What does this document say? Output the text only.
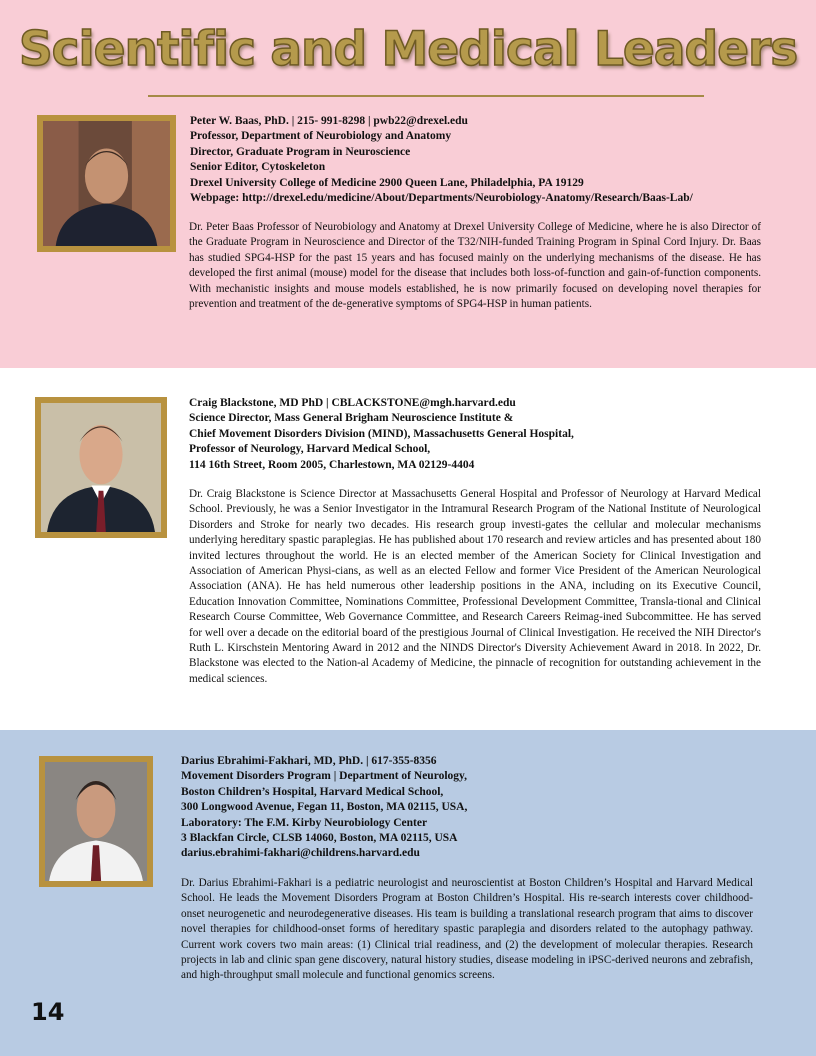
Scientific and Medical Leaders
Peter W. Baas, PhD. | 215- 991-8298 | pwb22@drexel.edu
Professor, Department of Neurobiology and Anatomy
Director, Graduate Program in Neuroscience
Senior Editor, Cytoskeleton
Drexel University College of Medicine 2900 Queen Lane, Philadelphia, PA 19129
Webpage: http://drexel.edu/medicine/About/Departments/Neurobiology-Anatomy/Research/Baas-Lab/

Dr. Peter Baas Professor of Neurobiology and Anatomy at Drexel University College of Medicine, where he is also Director of the Graduate Program in Neuroscience and Director of the T32/NIH-funded Training Program in Spinal Cord Injury. Dr. Baas has studied SPG4-HSP for the past 15 years and has focused mainly on the underlying mechanisms of the disease. He has developed the first animal (mouse) model for the disease that includes both loss-of-function and gain-of-function components. With mechanistic insights and mouse models established, he is now primarily focused on developing novel therapies for prevention and treatment of the de-generative symptoms of SPG4-HSP in human patients.

Craig Blackstone, MD PhD | CBLACKSTONE@mgh.harvard.edu
Science Director, Mass General Brigham Neuroscience Institute &
Chief Movement Disorders Division (MIND), Massachusetts General Hospital,
Professor of Neurology, Harvard Medical School,
114 16th Street, Room 2005, Charlestown, MA 02129-4404

Dr. Craig Blackstone is Science Director at Massachusetts General Hospital and Professor of Neurology at Harvard Medical School. Previously, he was a Senior Investigator in the Intramural Research Program of the National Institute of Neurological Disorders and Stroke for nearly two decades. His research group investi-gates the cellular and molecular mechanisms underlying hereditary spastic paraplegias. He has published about 170 research and review articles and has presented about 180 invited lectures throughout the world. He is an elected member of the American Society for Clinical Investigation and Association of American Physi-cians, as well as an elected Fellow and former Vice President of the American Neurological Association (ANA). He has held numerous other leadership positions in the ANA, including on its Executive Council, Education Innovation Committee, Nominations Committee, Professional Development Committee, Transla-tional and Clinical Research Course Committee, Web Governance Committee, and Research Careers Reimag-ined Subcommittee. He has served for well over a decade on the editorial board of the prestigious Journal of Clinical Investigation. He received the NIH Director's Ruth L. Kirschstein Mentoring Award in 2012 and the NINDS Director's Diversity Achievement Award in 2018. In 2022, Dr. Blackstone was elected to the Nation-al Academy of Medicine, the pinnacle of recognition for outstanding achievement in the medical sciences.

Darius Ebrahimi-Fakhari, MD, PhD. | 617-355-8356
Movement Disorders Program | Department of Neurology,
Boston Children’s Hospital, Harvard Medical School,
300 Longwood Avenue, Fegan 11, Boston, MA 02115, USA,
Laboratory: The F.M. Kirby Neurobiology Center
3 Blackfan Circle, CLSB 14060, Boston, MA 02115, USA
darius.ebrahimi-fakhari@childrens.harvard.edu

Dr. Darius Ebrahimi-Fakhari is a pediatric neurologist and neuroscientist at Boston Children’s Hospital and Harvard Medical School. He leads the Movement Disorders Program at Boston Children’s Hospital. His re-search interests cover childhood-onset neurogenetic and neurodegenerative diseases. His team is building a translational research program that aims to discover novel therapies for childhood-onset forms of hereditary spastic paraplegia and disorders related to the autophagy pathway. Current work covers two main areas: (1) Clinical trial readiness, and (2) the development of molecular therapies. Research projects in lab and clinic span gene discovery, natural history studies, disease modeling in iPSC-derived neurons and zebrafish, and high-throughput small molecule and functional genomics screens.

14
